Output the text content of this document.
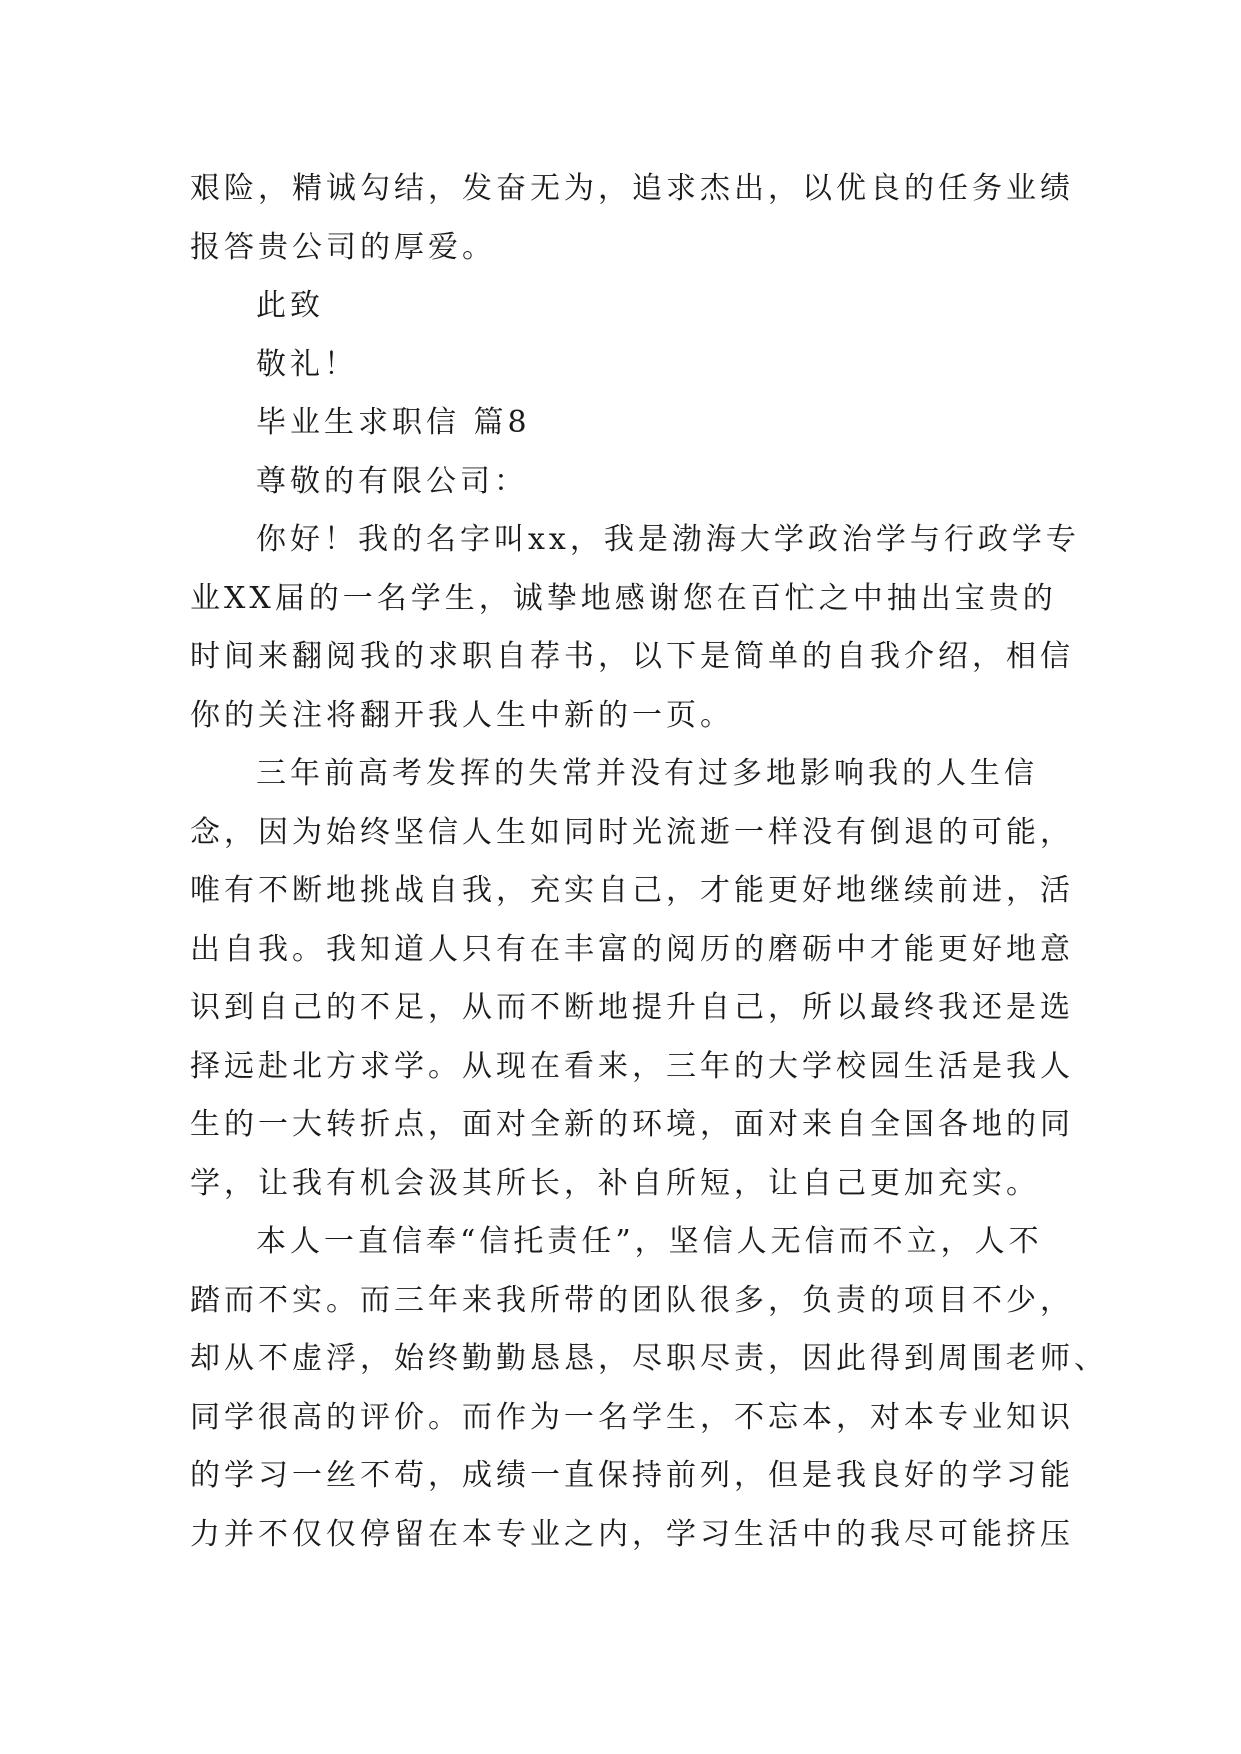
艰险，精诚勾结，发奋无为，追求杰出，以优良的任务业绩
报答贵公司的厚爱。
此致
敬礼！
毕业生求职信 篇8
尊敬的有限公司：
你好！我的名字叫xx，我是渤海大学政治学与行政学专
业XX届的一名学生，诚挚地感谢您在百忙之中抽出宝贵的
时间来翻阅我的求职自荐书，以下是简单的自我介绍，相信
你的关注将翻开我人生中新的一页。
三年前高考发挥的失常并没有过多地影响我的人生信
念，因为始终坚信人生如同时光流逝一样没有倒退的可能，
唯有不断地挑战自我，充实自己，才能更好地继续前进，活
出自我。我知道人只有在丰富的阅历的磨砺中才能更好地意
识到自己的不足，从而不断地提升自己，所以最终我还是选
择远赴北方求学。从现在看来，三年的大学校园生活是我人
生的一大转折点，面对全新的环境，面对来自全国各地的同
学，让我有机会汲其所长，补自所短，让自己更加充实。
本人一直信奉“信托责任”，坚信人无信而不立，人不
踏而不实。而三年来我所带的团队很多，负责的项目不少，
却从不虚浮，始终勤勤恳恳，尽职尽责，因此得到周围老师、
同学很高的评价。而作为一名学生，不忘本，对本专业知识
的学习一丝不苟，成绩一直保持前列，但是我良好的学习能
力并不仅仅停留在本专业之内，学习生活中的我尽可能挤压
